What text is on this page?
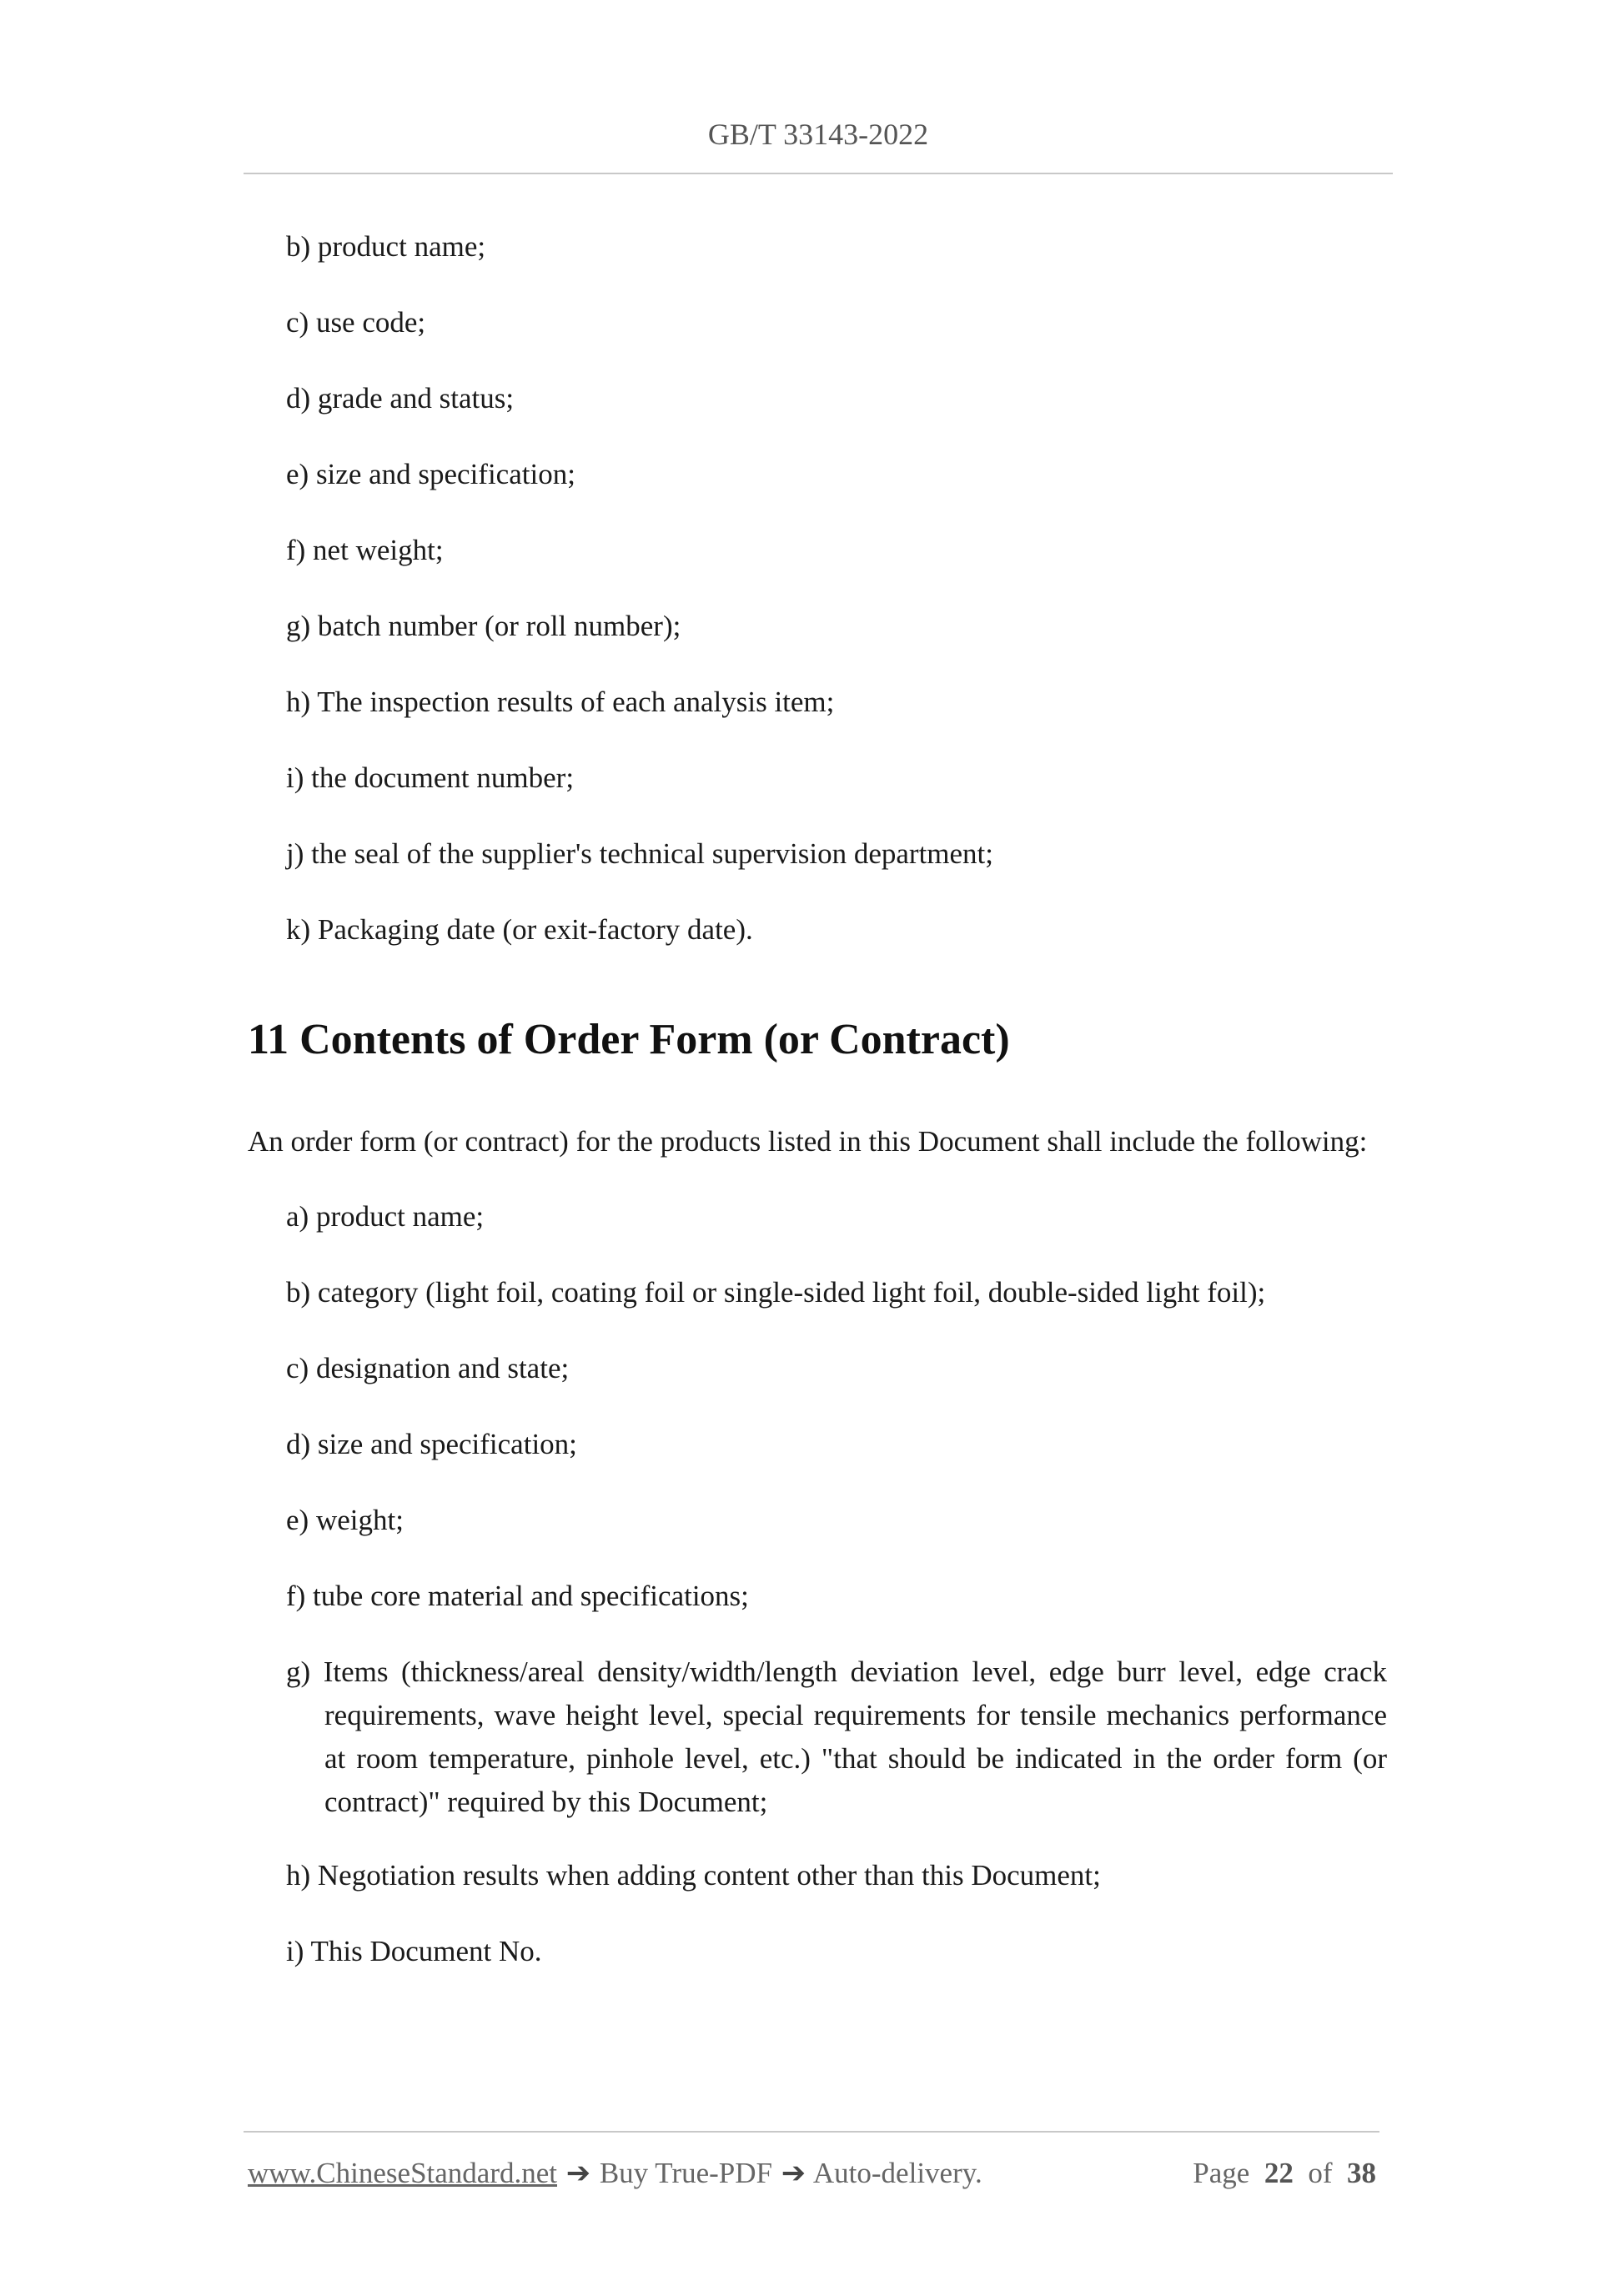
GB/T 33143-2022
b) product name;
c) use code;
d) grade and status;
e) size and specification;
f) net weight;
g) batch number (or roll number);
h) The inspection results of each analysis item;
i) the document number;
j) the seal of the supplier's technical supervision department;
k) Packaging date (or exit-factory date).
11 Contents of Order Form (or Contract)
An order form (or contract) for the products listed in this Document shall include the following:
a) product name;
b) category (light foil, coating foil or single-sided light foil, double-sided light foil);
c) designation and state;
d) size and specification;
e) weight;
f) tube core material and specifications;
g) Items (thickness/areal density/width/length deviation level, edge burr level, edge crack requirements, wave height level, special requirements for tensile mechanics performance at room temperature, pinhole level, etc.) "that should be indicated in the order form (or contract)" required by this Document;
h) Negotiation results when adding content other than this Document;
i) This Document No.
www.ChineseStandard.net ➔ Buy True-PDF ➔ Auto-delivery.	Page 22 of 38
